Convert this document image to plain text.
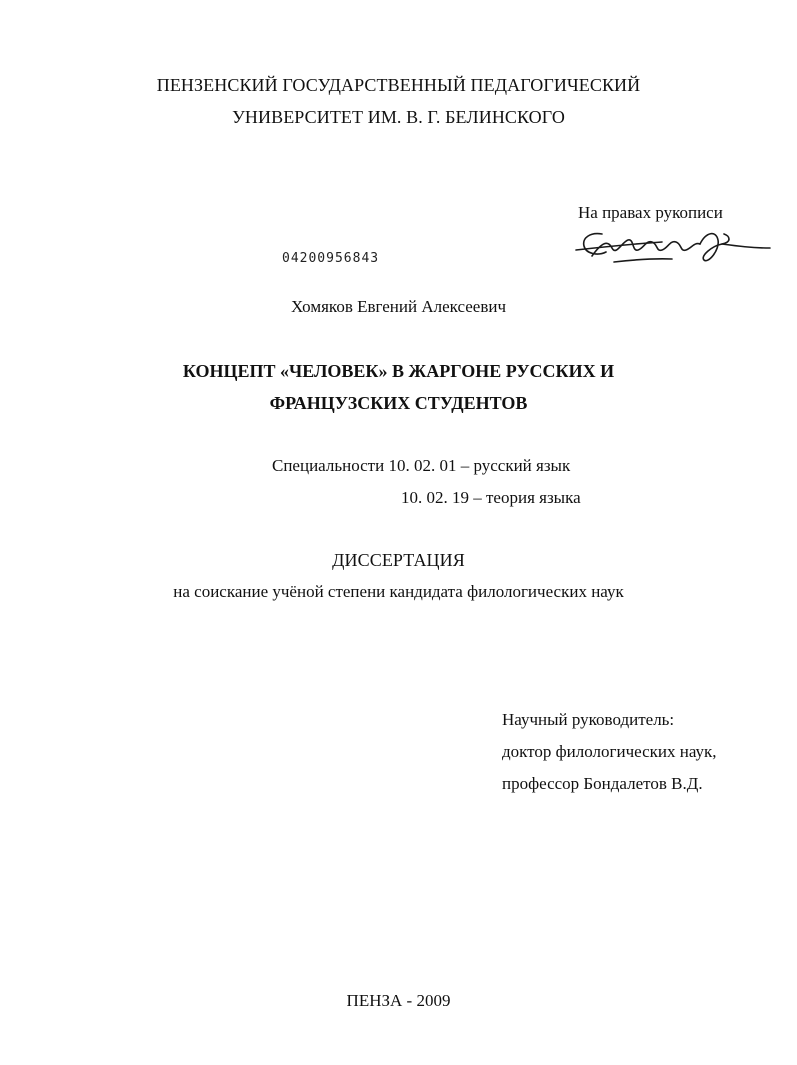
ПЕНЗЕНСКИЙ ГОСУДАРСТВЕННЫЙ ПЕДАГОГИЧЕСКИЙ
УНИВЕРСИТЕТ ИМ. В. Г. БЕЛИНСКОГО
На правах рукописи
04200956843
Хомяков Евгений Алексеевич
КОНЦЕПТ «ЧЕЛОВЕК» В ЖАРГОНЕ РУССКИХ И
ФРАНЦУЗСКИХ СТУДЕНТОВ
Специальности 10. 02. 01 – русский язык
10. 02. 19 – теория языка
ДИССЕРТАЦИЯ
на соискание учёной степени кандидата филологических наук
Научный руководитель:
доктор филологических наук,
профессор Бондалетов В.Д.
ПЕНЗА - 2009
